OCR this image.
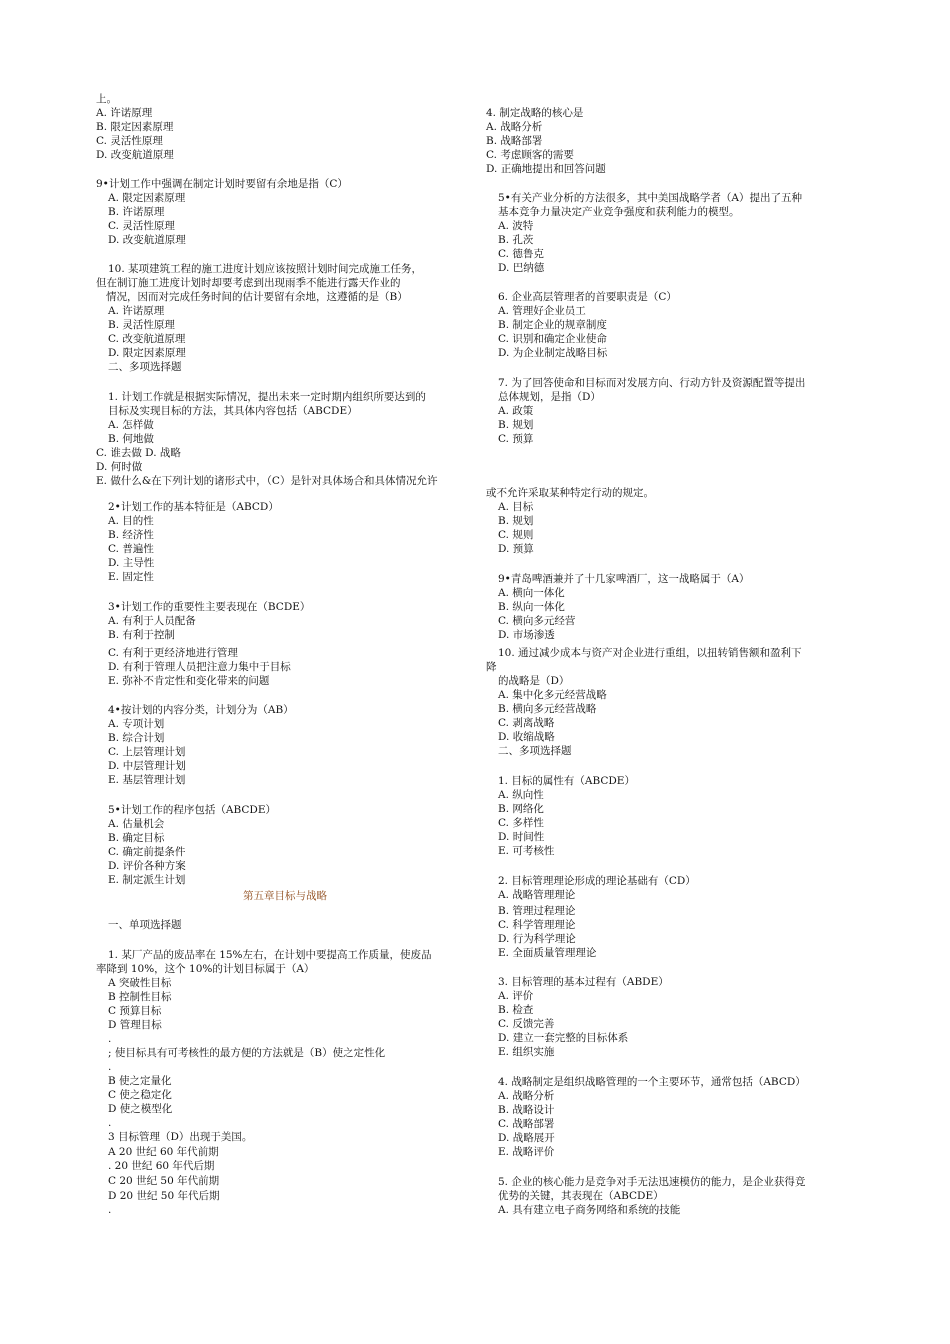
上。
A. 许诺原理
B. 限定因素原理
C. 灵活性原理
D. 改变航道原理
9•计划工作中强调在制定计划时要留有余地是指（C）
A. 限定因素原理
B. 许诺原理
C. 灵活性原理
D. 改变航道原理
10. 某项建筑工程的施工进度计划应该按照计划时间完成施工任务，
但在制订施工进度计划时却要考虑到出现雨季不能进行露天作业的
情况，因而对完成任务时间的估计要留有余地，这遵循的是（B）
A. 许诺原理
B. 灵活性原理
C. 改变航道原理
D. 限定因素原理
二、多项选择题
1. 计划工作就是根据实际情况，提出未来一定时期内组织所要达到的
目标及实现目标的方法，其具体内容包括（ABCDE）
A. 怎样做
B. 何地做
C. 谁去做 D. 战略
D. 何时做
E. 做什么&在下列计划的诸形式中，（C）是针对具体场合和具体情况允许
2•计划工作的基本特征是（ABCD）
A. 目的性
B. 经济性
C. 普遍性
D. 主导性
E. 固定性
3•计划工作的重要性主要表现在（BCDE）
A. 有利于人员配备
B. 有利于控制
C. 有利于更经济地进行管理
D. 有利于管理人员把注意力集中于目标
E. 弥补不肯定性和变化带来的问题
4•按计划的内容分类，计划分为（AB）
A. 专项计划
B. 综合计划
C. 上层管理计划
D. 中层管理计划
E. 基层管理计划
5•计划工作的程序包括（ABCDE）
A. 估量机会
B. 确定目标
C. 确定前提条件
D. 评价各种方案
E. 制定派生计划
第五章目标与战略
一、单项选择题
1. 某厂产品的废品率在 15%左右，在计划中要提高工作质量，使废品
率降到 10%，这个 10%的计划目标属于（A）
A 突破性目标
B 控制性目标
C 预算目标
D 管理目标
.
; 使目标具有可考核性的最方便的方法就是（B）使之定性化
.
B 使之定量化
C 使之稳定化
D 使之模型化
.
3 目标管理（D）出现于美国。
A 20 世纪 60 年代前期
. 20 世纪 60 年代后期
C 20 世纪 50 年代前期
D 20 世纪 50 年代后期
.
4. 制定战略的核心是
A. 战略分析
B. 战略部署
C. 考虑顾客的需要
D. 正确地提出和回答问题
5•有关产业分析的方法很多，其中美国战略学者（A）提出了五种
基本竞争力量决定产业竞争强度和获利能力的模型。
A. 波特
B. 孔茨
C. 德鲁克
D. 巴纳德
6. 企业高层管理者的首要职责是（C）
A. 管理好企业员工
B. 制定企业的规章制度
C. 识别和确定企业使命
D. 为企业制定战略目标
7. 为了回答使命和目标而对发展方向、行动方针及资源配置等提出
总体规划，是指（D）
A. 政策
B. 规划
C. 预算
或不允许采取某种特定行动的规定。
A. 目标
B. 规划
C. 规则
D. 预算
9•青岛啤酒兼并了十几家啤酒厂，这一战略属于（A）
A. 横向一体化
B. 纵向一体化
C. 横向多元经营
D. 市场渗透
10. 通过减少成本与资产对企业进行重组，以扭转销售额和盈利下
降
的战略是（D）
A. 集中化多元经营战略
B. 横向多元经营战略
C. 剥离战略
D. 收缩战略
二、多项选择题
1. 目标的属性有（ABCDE）
A. 纵向性
B. 网络化
C. 多样性
D. 时间性
E. 可考核性
2. 目标管理理论形成的理论基础有（CD）
A. 战略管理理论
B. 管理过程理论
C. 科学管理理论
D. 行为科学理论
E. 全面质量管理理论
3. 目标管理的基本过程有（ABDE）
A. 评价
B. 检查
C. 反馈完善
D. 建立一套完整的目标体系
E. 组织实施
4. 战略制定是组织战略管理的一个主要环节，通常包括（ABCD）
A. 战略分析
B. 战略设计
C. 战略部署
D. 战略展开
E. 战略评价
5. 企业的核心能力是竞争对手无法迅速模仿的能力，是企业获得竞
优势的关键，其表现在（ABCDE）
A. 具有建立电子商务网络和系统的技能
